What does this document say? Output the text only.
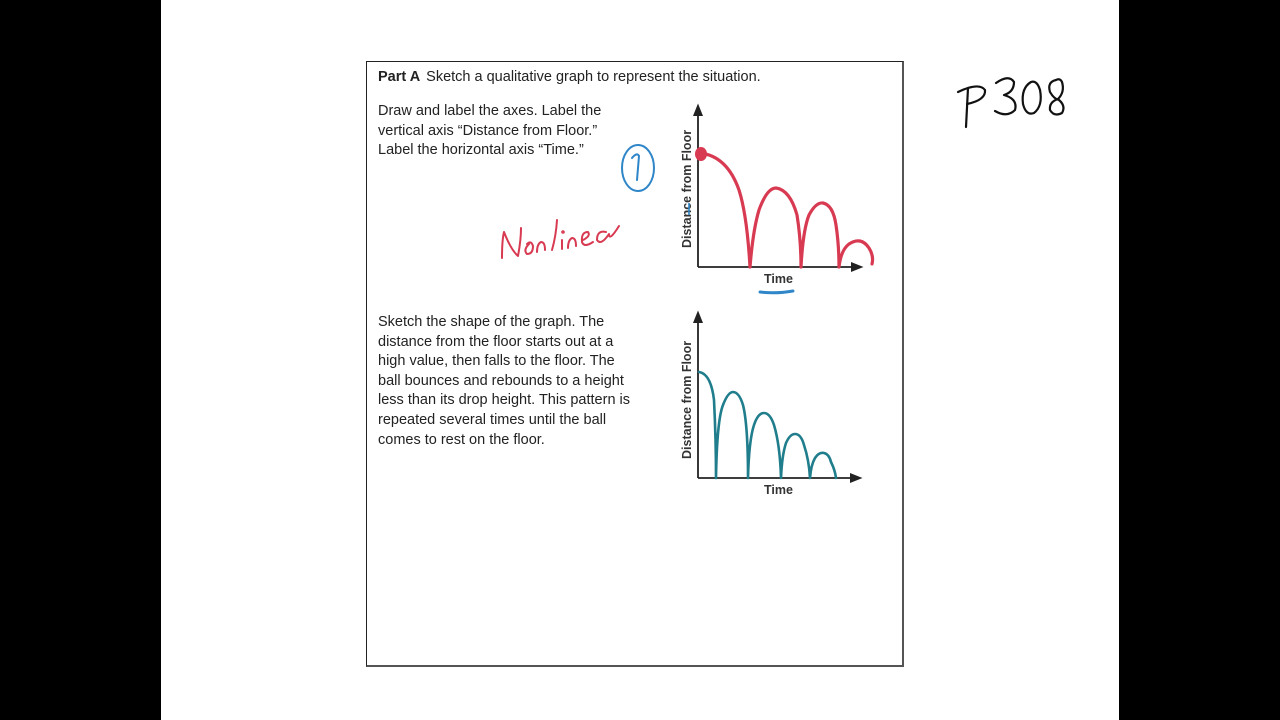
Part A Sketch a qualitative graph to represent the situation.
Draw and label the axes. Label the
vertical axis “Distance from Floor.”
Label the horizontal axis “Time.”
Sketch the shape of the graph. The
distance from the floor starts out at a
high value, then falls to the floor. The
ball bounces and rebounds to a height
less than its drop height. This pattern is
repeated several times until the ball
comes to rest on the floor.
Distance from Floor
Time
Distance from Floor
Time
